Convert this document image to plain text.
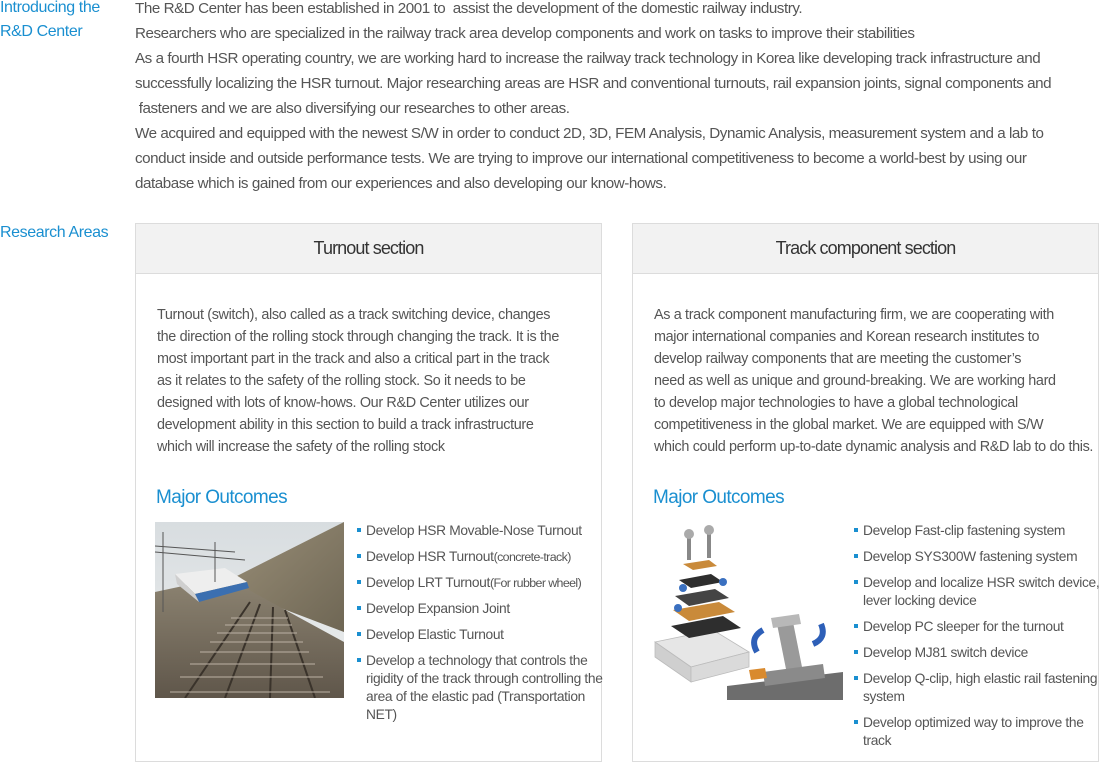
Introducing the
R&D Center

The R&D Center has been established in 2001 to  assist the development of the domestic railway industry.

Researchers who are specialized in the railway track area develop components and work on tasks to improve their stabilities

As a fourth HSR operating country, we are working hard to increase the railway track technology in Korea like developing track infrastructure and

successfully localizing the HSR turnout. Major researching areas are HSR and conventional turnouts, rail expansion joints, signal components and

fasteners and we are also diversifying our researches to other areas.

We acquired and equipped with the newest S/W in order to conduct 2D, 3D, FEM Analysis, Dynamic Analysis, measurement system and a lab to

conduct inside and outside performance tests. We are trying to improve our international competitiveness to become a world-best by using our

database which is gained from our experiences and also developing our know-hows.

Research Areas
Turnout section
Turnout (switch), also called as a track switching device, changes
the direction of the rolling stock through changing the track. It is the
most important part in the track and also a critical part in the track
as it relates to the safety of the rolling stock. So it needs to be
designed with lots of know-hows. Our R&D Center utilizes our
development ability in this section to build a track infrastructure
which will increase the safety of the rolling stock
Major Outcomes
Develop HSR Movable-Nose Turnout
Develop HSR Turnout(concrete-track)
Develop LRT Turnout(For rubber wheel)
Develop Expansion Joint
Develop Elastic Turnout
Develop a technology that controls the rigidity of the track through controlling the area of the elastic pad (Transportation NET)
Track component section
As a track component manufacturing firm, we are cooperating with
major international companies and Korean research institutes to
develop railway components that are meeting the customer’s
need as well as unique and ground-breaking. We are working hard
to develop major technologies to have a global technological
competitiveness in the global market. We are equipped with S/W
which could perform up-to-date dynamic analysis and R&D lab to do this.
Major Outcomes
Develop Fast-clip fastening system
Develop SYS300W fastening system
Develop and localize HSR switch device, lever locking device
Develop PC sleeper for the turnout
Develop MJ81 switch device
Develop Q-clip, high elastic rail fastening system
Develop optimized way to improve the track
